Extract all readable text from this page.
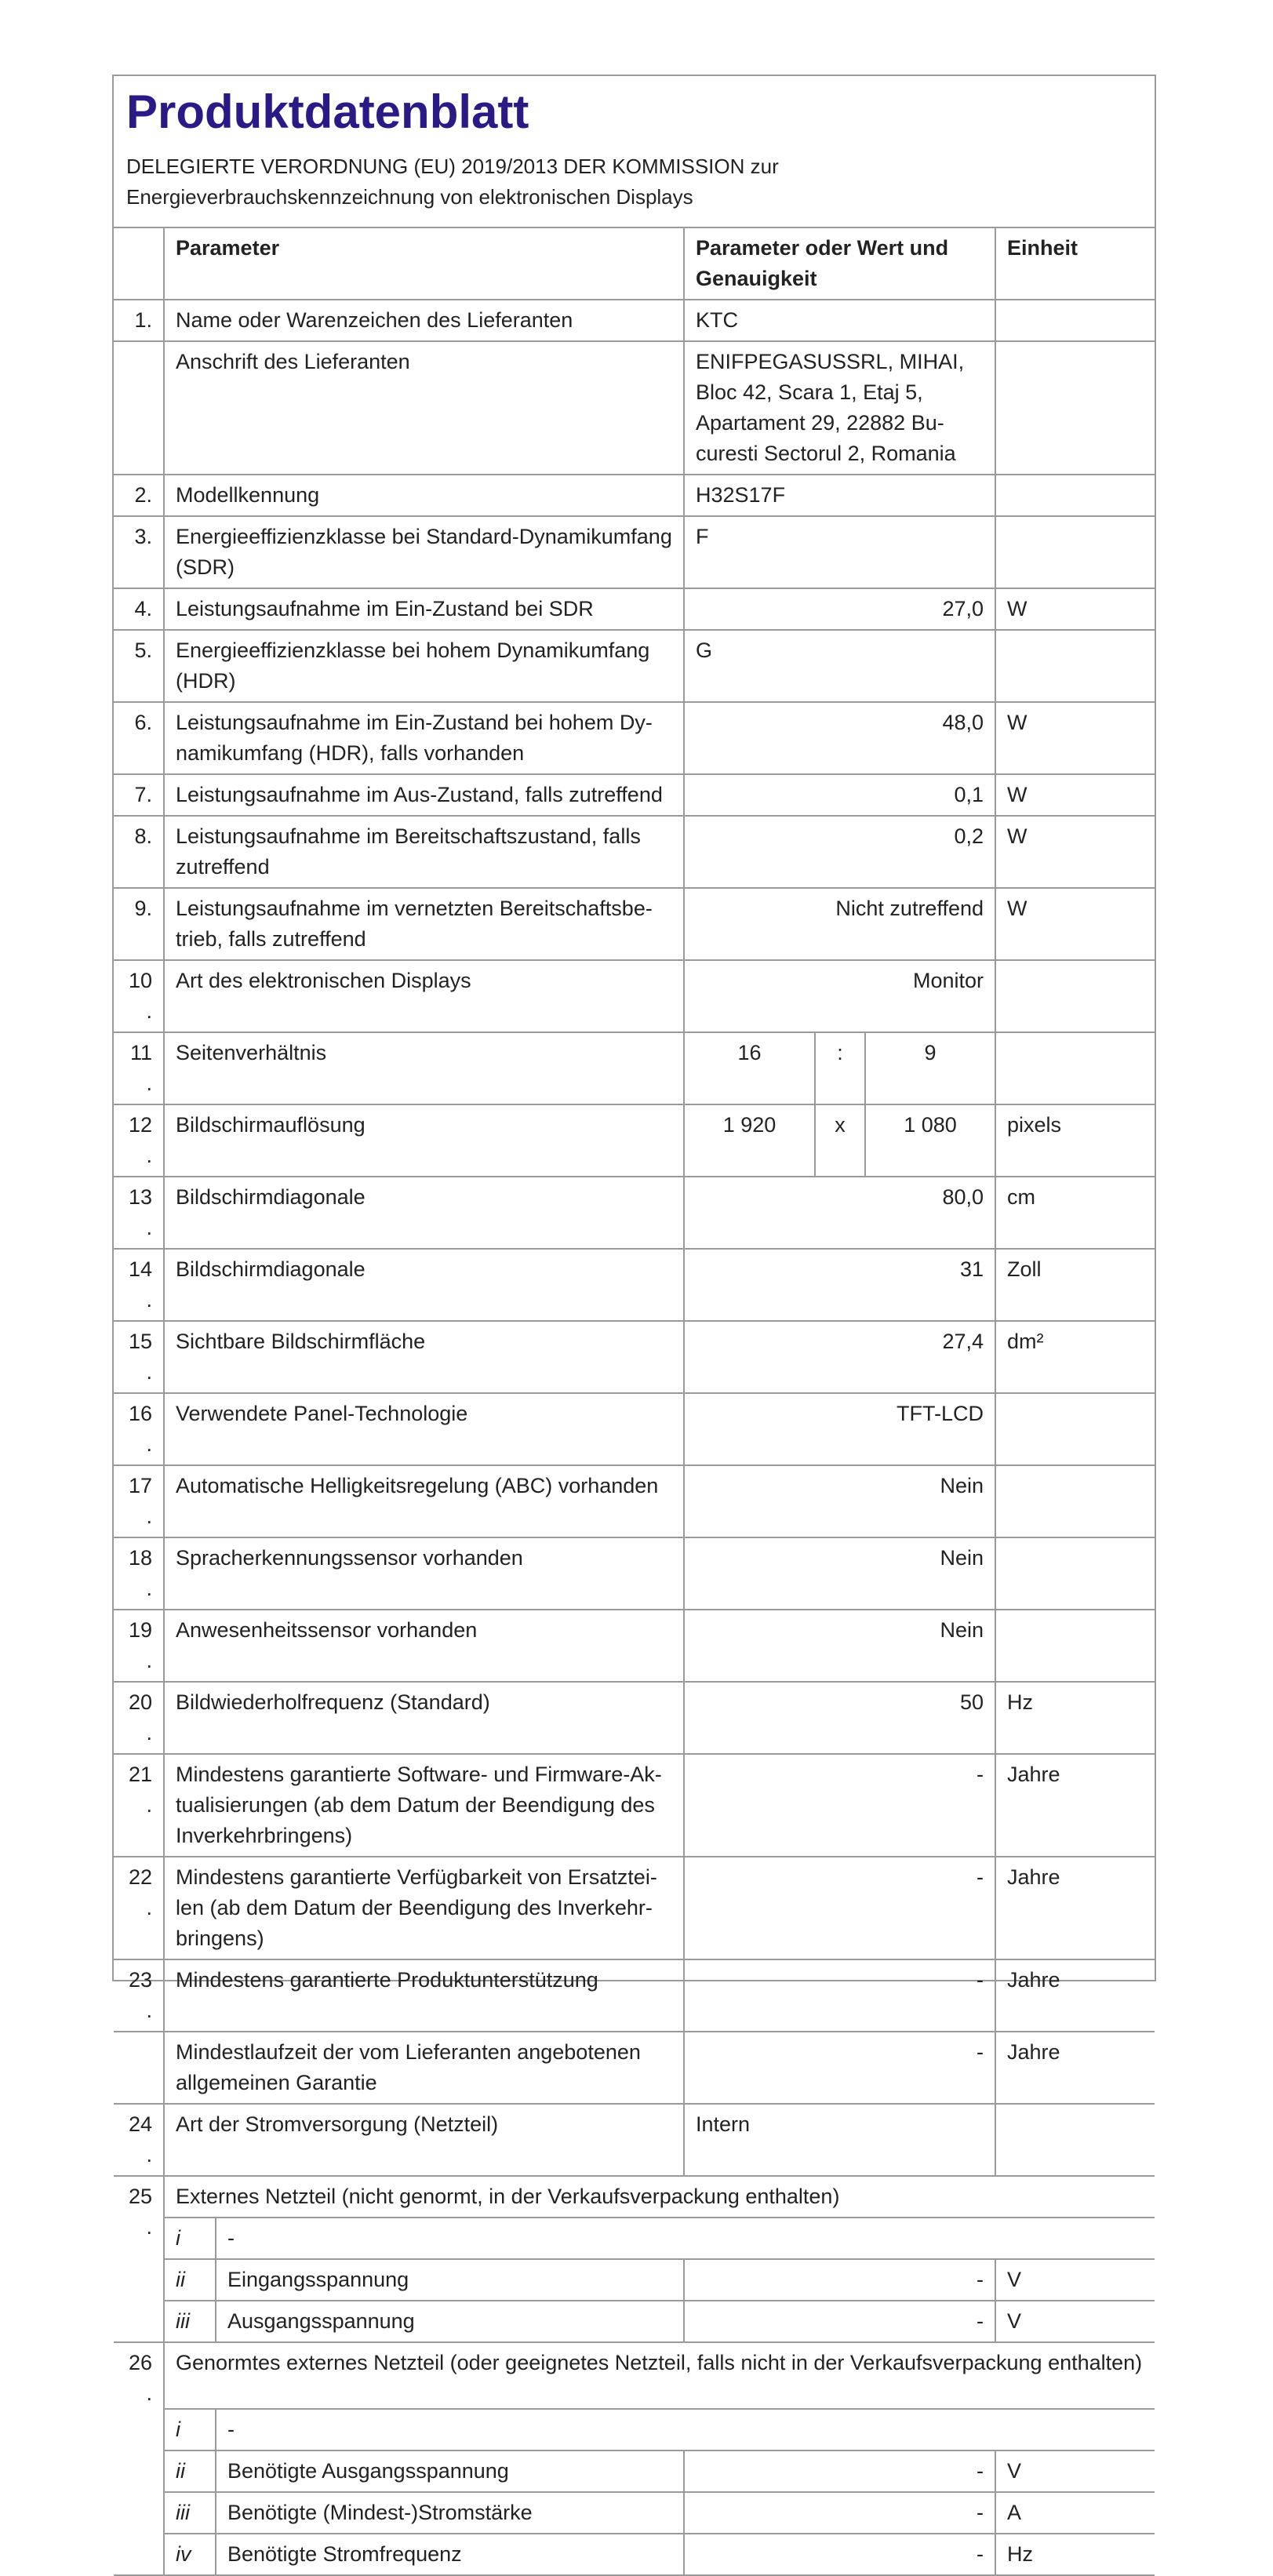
Produktdatenblatt
DELEGIERTE VERORDNUNG (EU) 2019/2013 DER KOMMISSION zur
Energieverbrauchskennzeichnung von elektronischen Displays
	Parameter		Parameter oder Wert und Genauigkeit			Einheit
1.	Name oder Warenzeichen des Lieferanten		KTC			
	Anschrift des Lieferanten		ENIFPEGASUSSRL, MIHAI, Bloc 42, Scara 1, Etaj 5, Apartament 29, 22882 Bu-curesti Sectorul 2, Romania			
2.	Modellkennung		H32S17F			
3.	Energieeffizienzklasse bei Standard-Dynamikumfang (SDR)		F			
4.	Leistungsaufnahme im Ein-Zustand bei SDR		27,0			W
5.	Energieeffizienzklasse bei hohem Dynamikumfang (HDR)		G			
6.	Leistungsaufnahme im Ein-Zustand bei hohem Dy-namikumfang (HDR), falls vorhanden		48,0			W
7.	Leistungsaufnahme im Aus-Zustand, falls zutreffend		0,1			W
8.	Leistungsaufnahme im Bereitschaftszustand, falls zutreffend		0,2			W
9.	Leistungsaufnahme im vernetzten Bereitschaftsbe-trieb, falls zutreffend		Nicht zutreffend			W
10.	Art des elektronischen Displays		Monitor			
11.	Seitenverhältnis		16	:	9	
12.	Bildschirmauflösung		1 920	x	1 080	pixels
13.	Bildschirmdiagonale		80,0			cm
14.	Bildschirmdiagonale		31			Zoll
15.	Sichtbare Bildschirmfläche		27,4			dm²
16.	Verwendete Panel-Technologie		TFT-LCD			
17.	Automatische Helligkeitsregelung (ABC) vorhanden		Nein			
18.	Spracherkennungssensor vorhanden		Nein			
19.	Anwesenheitssensor vorhanden		Nein			
20.	Bildwiederholfrequenz (Standard)		50			Hz
21.	Mindestens garantierte Software- und Firmware-Ak-tualisierungen (ab dem Datum der Beendigung des Inverkehrbringens)		-			Jahre
22.	Mindestens garantierte Verfügbarkeit von Ersatztei-len (ab dem Datum der Beendigung des Inverkehr-bringens)		-			Jahre
23.	Mindestens garantierte Produktunterstützung		-			Jahre
	Mindestlaufzeit der vom Lieferanten angebotenen allgemeinen Garantie		-			Jahre
24.	Art der Stromversorgung (Netzteil)		Intern			
25.	Externes Netzteil (nicht genormt, in der Verkaufsverpackung enthalten)					
	i	-				
	ii	Eingangsspannung	-			V
	iii	Ausgangsspannung	-			V
26.	Genormtes externes Netzteil (oder geeignetes Netzteil, falls nicht in der Verkaufsverpackung enthalten)					
	i	-				
	ii	Benötigte Ausgangsspannung	-			V
	iii	Benötigte (Mindest-)Stromstärke	-			A
	iv	Benötigte Stromfrequenz	-			Hz
